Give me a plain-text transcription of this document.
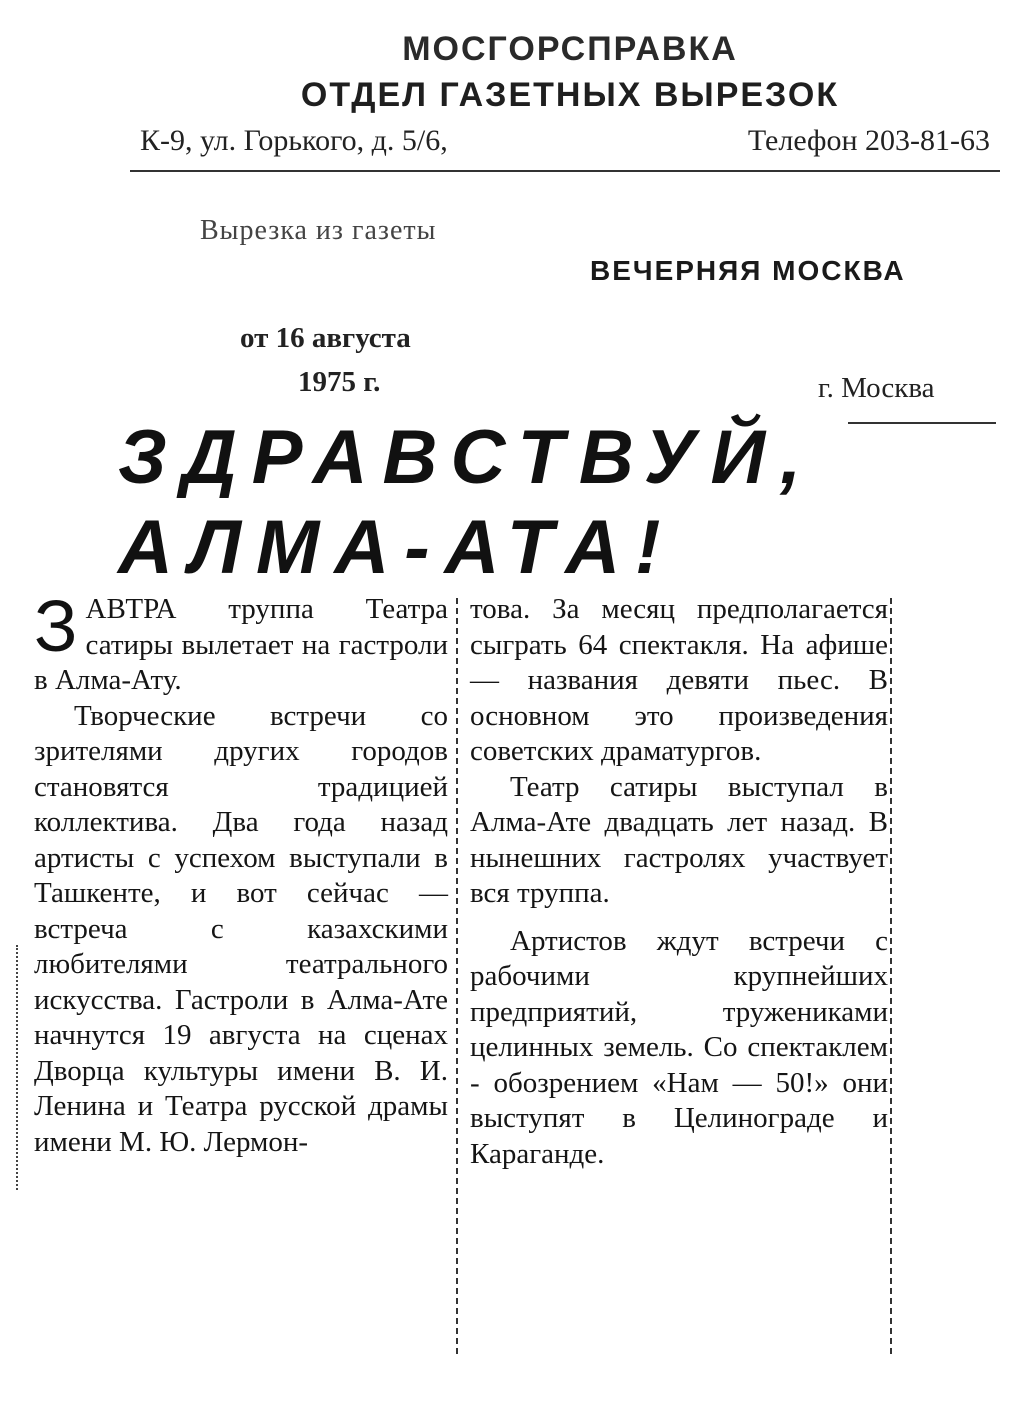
МОСГОРСПРАВКА
ОТДЕЛ ГАЗЕТНЫХ ВЫРЕЗОК
К-9, ул. Горького, д. 5/6,	Телефон 203-81-63
Вырезка из газеты
ВЕЧЕРНЯЯ МОСКВА
от 16 августа
1975 г.	г. Москва
ЗДРАВСТВУЙ,
АЛМА-АТА!

ЗАВТРА труппа Театра сатиры вылетает на гастроли в Алма-Ату.

Творческие встречи со зрителями других городов становятся традицией коллектива. Два года назад артисты с успехом выступали в Ташкенте, и вот сейчас — встреча с казахскими любителями театрального искусства. Гастроли в Алма-Ате начнутся 19 августа на сценах Дворца культуры имени В. И. Ленина и Театра русской драмы имени М. Ю. Лермон-

това. За месяц предполагается сыграть 64 спектакля. На афише — названия девяти пьес. В основном это произведения советских драматургов.

Театр сатиры выступал в Алма-Ате двадцать лет назад. В нынешних гастролях участвует вся труппа.

Артистов ждут встречи с рабочими крупнейших предприятий, тружениками целинных земель. Со спектаклем - обозрением «Нам — 50!» они выступят в Целинограде и Караганде.
